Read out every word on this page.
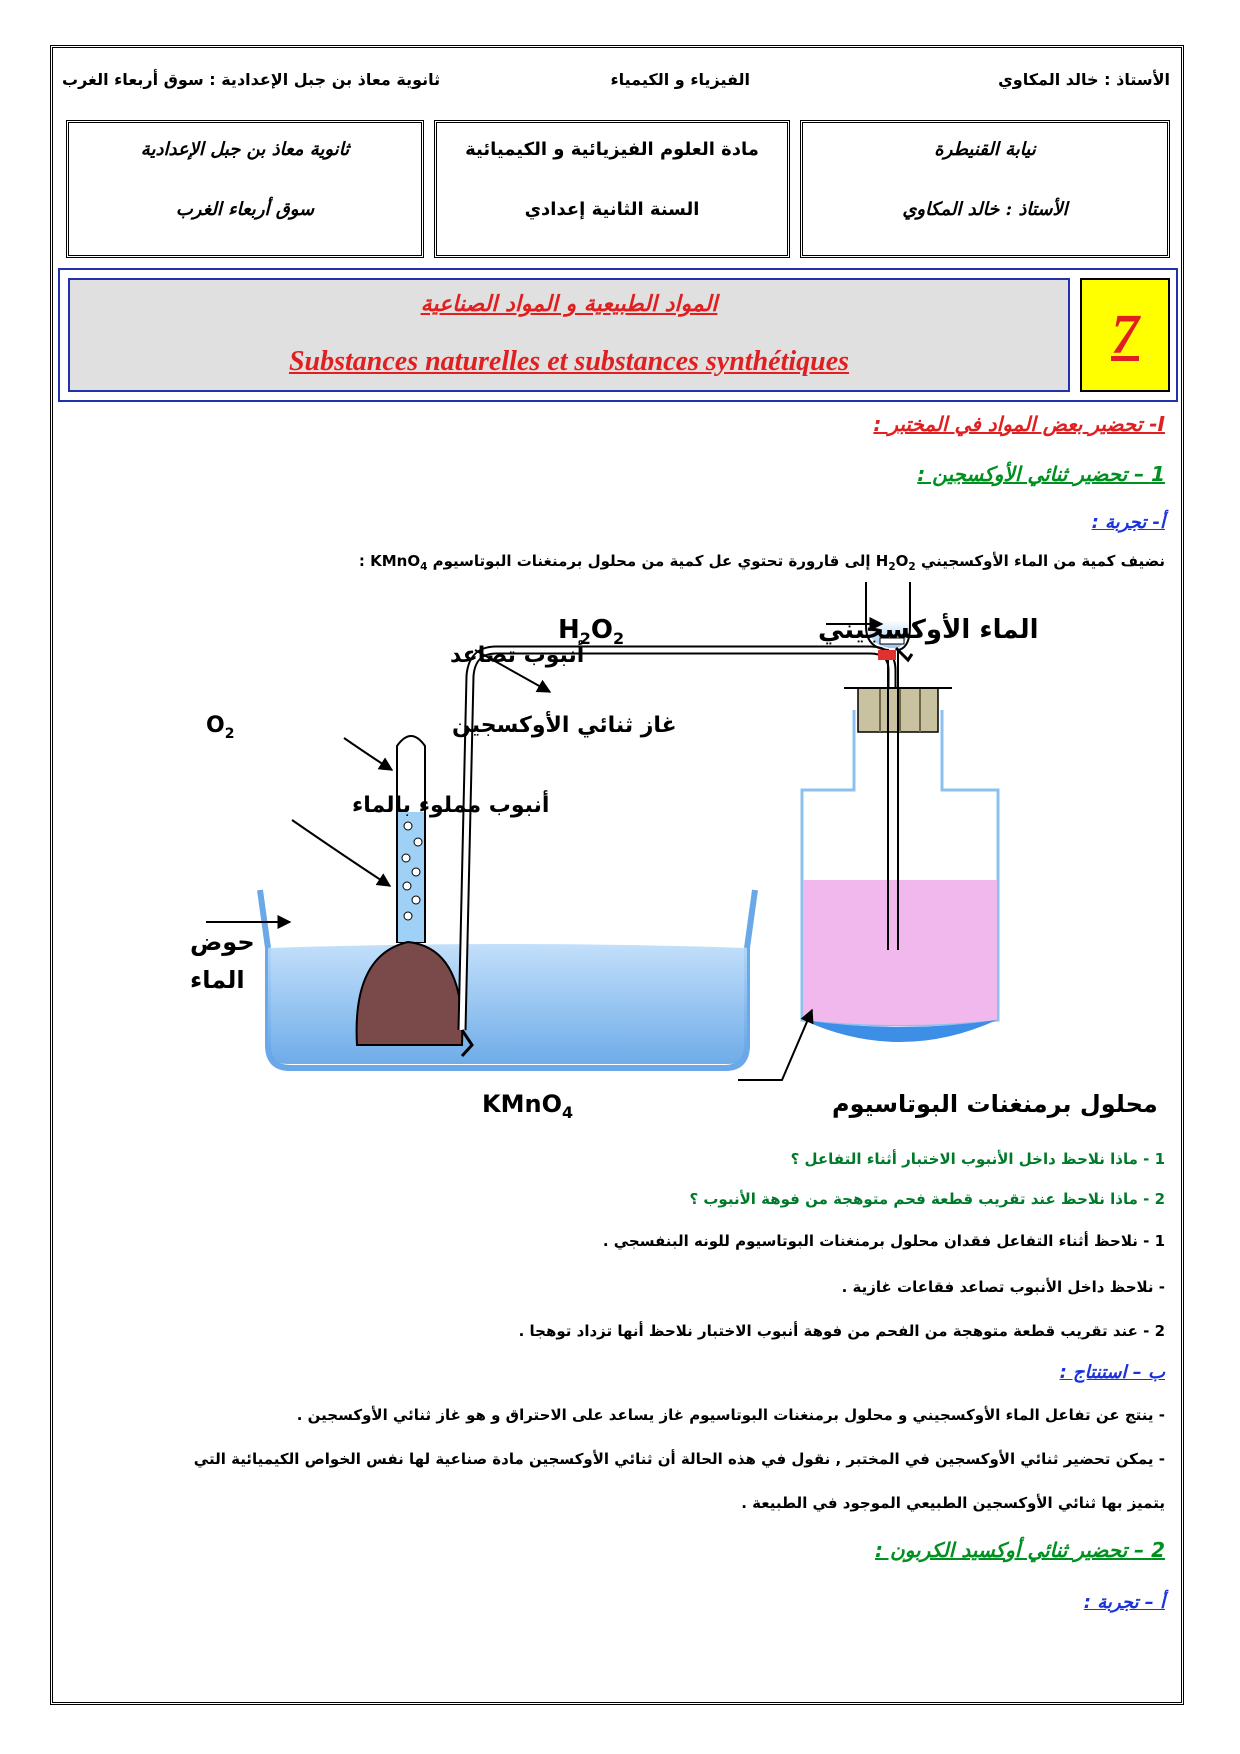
الأستاذ : خالد المكاوي
الفيزياء و الكيمياء
ثانوية معاذ بن جبل الإعدادية : سوق أربعاء الغرب
نيابة القنيطرة
الأستاذ : خالد المكاوي
مادة العلوم الفيزيائية و الكيميائية
السنة الثانية إعدادي
ثانوية معاذ بن جبل الإعدادية
سوق أربعاء الغرب
المواد الطبيعية و المواد الصناعية
Substances naturelles et substances synthétiques	7
I- تحضير بعض المواد في المختبر :
1 – تحضير ثنائي الأوكسجين :
أ- تجربة :
نضيف كمية من الماء الأوكسجيني $H_2O_2$ إلى قارورة تحتوي عل كمية من محلول برمنغنات البوتاسيوم KMnO$_4$ :
الماء الأوكسجيني
$H_2O_2$
أنبوب تصاعد
غاز ثنائي الأوكسجين
$O_2$
أنبوب مملوء بالماء
حوض
الماء
محلول برمنغنات البوتاسيوم
KMnO$_4$
1 - ماذا نلاحظ داخل الأنبوب الاختبار أثناء التفاعل ؟
2 - ماذا نلاحظ عند تقريب قطعة فحم متوهجة من فوهة الأنبوب ؟
1 - نلاحظ أثناء التفاعل فقدان محلول برمنغنات البوتاسيوم للونه البنفسجي .
- نلاحظ داخل الأنبوب تصاعد فقاعات غازية .
2 - عند تقريب قطعة متوهجة من الفحم من فوهة أنبوب الاختبار نلاحظ أنها تزداد توهجا .
ب – استنتاج :
- ينتج عن تفاعل الماء الأوكسجيني و محلول برمنغنات البوتاسيوم غاز يساعد على الاحتراق و هو غاز ثنائي الأوكسجين .
- يمكن تحضير ثنائي الأوكسجين في المختبر , نقول في هذه الحالة أن ثنائي الأوكسجين مادة صناعية لها نفس الخواص الكيميائية التي
يتميز بها ثنائي الأوكسجين الطبيعي الموجود في الطبيعة .
2 – تحضير ثنائي أوكسيد الكربون :
أ – تجربة :
